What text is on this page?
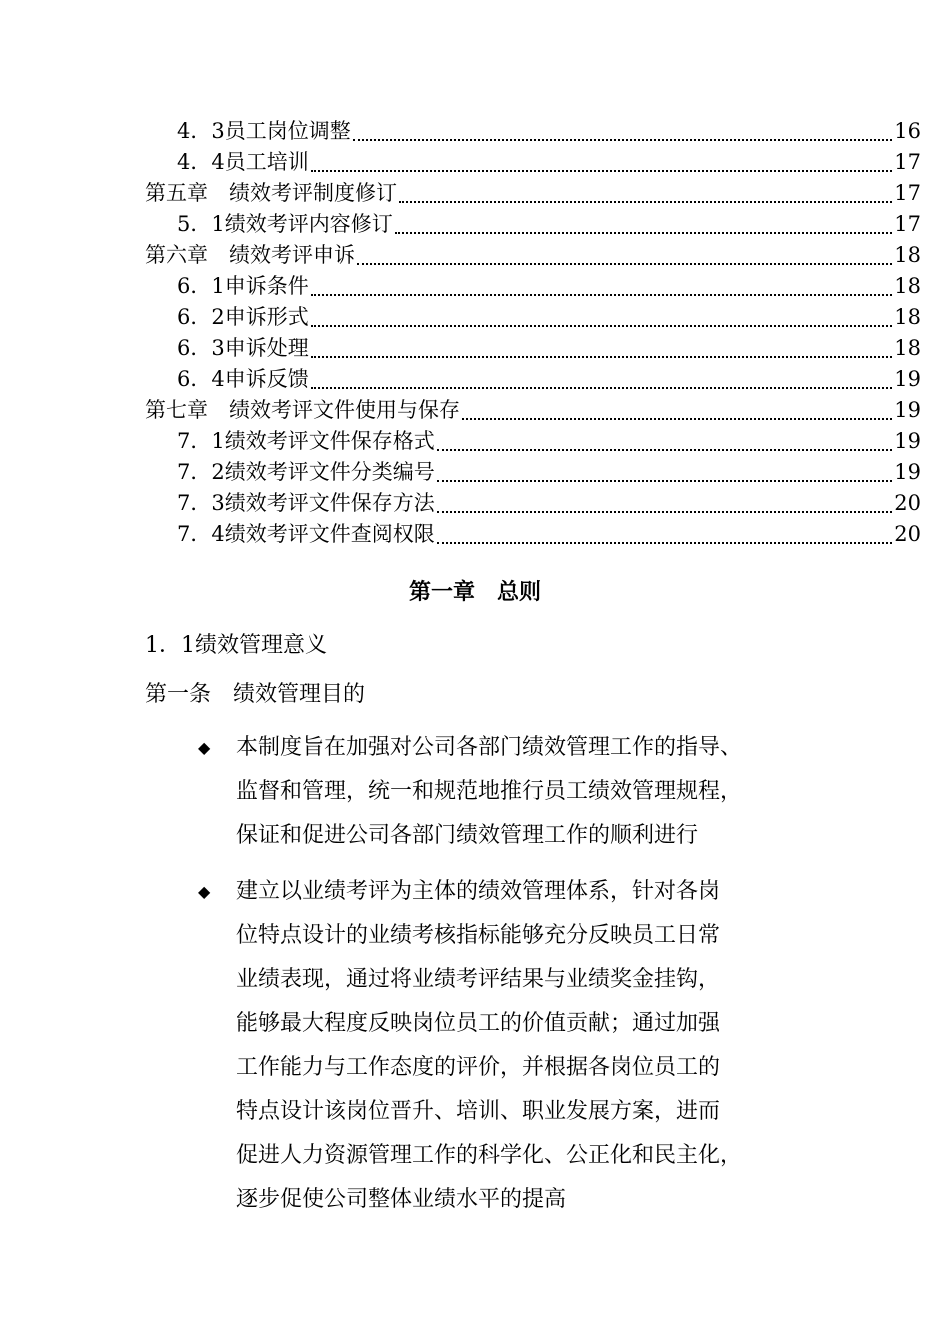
4．3 员工岗位调整	16
4．4 员工培训	17
第五章　 绩效考评制度修订	17
5．1 绩效考评内容修订	17
第六章　 绩效考评申诉	18
6．1 申诉条件	18
6．2 申诉形式	18
6．3 申诉处理	18
6．4 申诉反馈	19
第七章　 绩效考评文件使用与保存	19
7．1 绩效考评文件保存格式	19
7．2 绩效考评文件分类编号	19
7．3 绩效考评文件保存方法	20
7．4 绩效考评文件查阅权限	20
第一章　总则
1．1绩效管理意义
第一条　绩效管理目的
◆ 本制度旨在加强对公司各部门绩效管理工作的指导、
监督和管理，统一和规范地推行员工绩效管理规程，
保证和促进公司各部门绩效管理工作的顺利进行
◆ 建立以业绩考评为主体的绩效管理体系，针对各岗
位特点设计的业绩考核指标能够充分反映员工日常
业绩表现，通过将业绩考评结果与业绩奖金挂钩，
能够最大程度反映岗位员工的价值贡献；通过加强
工作能力与工作态度的评价，并根据各岗位员工的
特点设计该岗位晋升、培训、职业发展方案，进而
促进人力资源管理工作的科学化、公正化和民主化，
逐步促使公司整体业绩水平的提高
